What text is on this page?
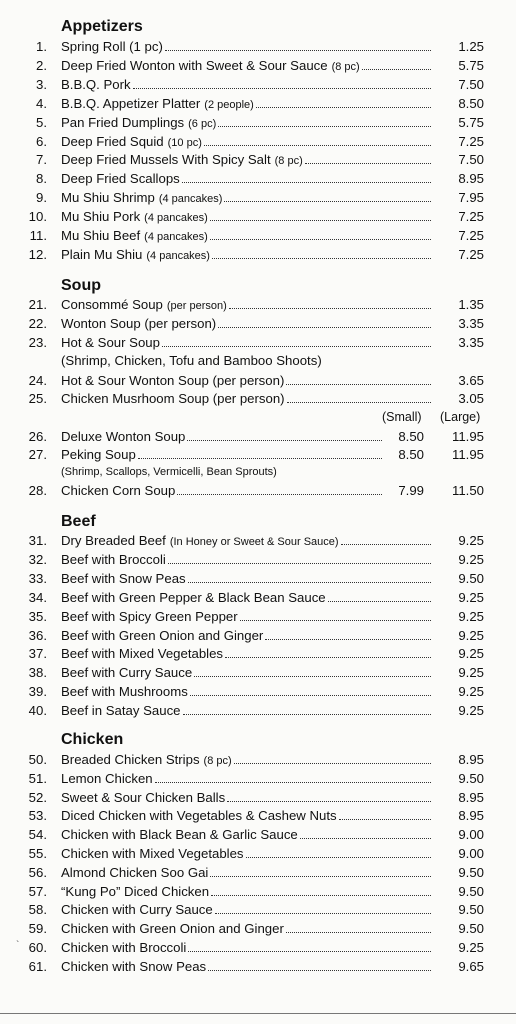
Appetizers
Soup
Beef
Chicken
1. Spring Roll (1 pc)	1.25
2. Deep Fried Wonton with Sweet & Sour Sauce (8 pc)	5.75
3. B.B.Q. Pork	7.50
4. B.B.Q. Appetizer Platter (2 people)	8.50
5. Pan Fried Dumplings (6 pc)	5.75
6. Deep Fried Squid (10 pc)	7.25
7. Deep Fried Mussels With Spicy Salt (8 pc)	7.50
8. Deep Fried Scallops	8.95
9. Mu Shiu Shrimp (4 pancakes)	7.95
10. Mu Shiu Pork (4 pancakes)	7.25
11. Mu Shiu Beef (4 pancakes)	7.25
12. Plain Mu Shiu (4 pancakes)	7.25
21. Consommé Soup (per person)	1.35
22. Wonton Soup (per person)	3.35
23. Hot & Sour Soup	3.35
24. Hot & Sour Wonton Soup (per person)	3.65
25. Chicken Musrhoom Soup (per person)	3.05
31. Dry Breaded Beef (In Honey or Sweet & Sour Sauce)	9.25
32. Beef with Broccoli	9.25
33. Beef with Snow Peas	9.50
34. Beef with Green Pepper & Black Bean Sauce	9.25
35. Beef with Spicy Green Pepper	9.25
36. Beef with Green Onion and Ginger	9.25
37. Beef with Mixed Vegetables	9.25
38. Beef with Curry Sauce	9.25
39. Beef with Mushrooms	9.25
40. Beef in Satay Sauce	9.25
50. Breaded Chicken Strips (8 pc)	8.95
51. Lemon Chicken	9.50
52. Sweet & Sour Chicken Balls	8.95
53. Diced Chicken with Vegetables & Cashew Nuts	8.95
54. Chicken with Black Bean & Garlic Sauce	9.00
55. Chicken with Mixed Vegetables	9.00
56. Almond Chicken Soo Gai	9.50
57. “Kung Po” Diced Chicken	9.50
58. Chicken with Curry Sauce	9.50
59. Chicken with Green Onion and Ginger	9.50
60. Chicken with Broccoli	9.25
61. Chicken with Snow Peas	9.65
(Shrimp, Chicken, Tofu and Bamboo Shoots)
(Small) (Large)
26. Deluxe Wonton Soup	8.50	11.95
27. Peking Soup	8.50	11.95
28. Chicken Corn Soup	7.99	11.50
(Shrimp, Scallops, Vermicelli, Bean Sprouts)
`
